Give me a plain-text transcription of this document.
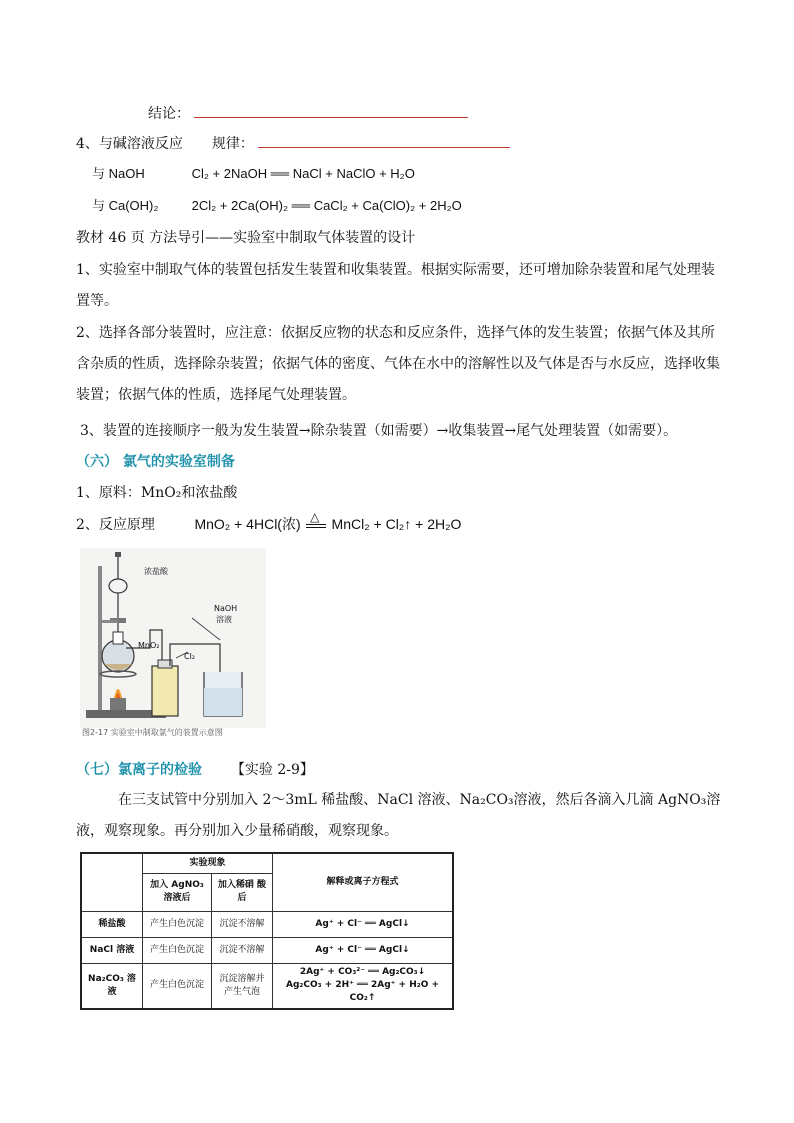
结论：
4、与碱溶液反应 规律：
与 NaOH	Cl₂ + 2NaOH ══ NaCl + NaClO + H₂O
与 Ca(OH)₂	2Cl₂ + 2Ca(OH)₂ ══ CaCl₂ + Ca(ClO)₂ + 2H₂O
教材 46 页 方法导引——实验室中制取气体装置的设计
1、实验室中制取气体的装置包括发生装置和收集装置。根据实际需要，还可增加除杂装置和尾气处理装置等。
2、选择各部分装置时，应注意：依据反应物的状态和反应条件，选择气体的发生装置；依据气体及其所含杂质的性质，选择除杂装置；依据气体的密度、气体在水中的溶解性以及气体是否与水反应，选择收集装置；依据气体的性质，选择尾气处理装置。
3、装置的连接顺序一般为发生装置→除杂装置（如需要）→收集装置→尾气处理装置（如需要）。
（六） 氯气的实验室制备
1、原料：MnO₂和浓盐酸
2、反应原理	MnO₂ + 4HCl(浓) △ MnCl₂ + Cl₂↑ + 2H₂O
浓盐酸
MnO₂
Cl₂
NaOH
溶液
图2-17 实验室中制取氯气的装置示意图
（七）氯离子的检验 【实验 2-9】
在三支试管中分别加入 2～3mL 稀盐酸、NaCl 溶液、Na₂CO₃溶液，然后各滴入几滴 AgNO₃溶液，观察现象。再分别加入少量稀硝酸，观察现象。
	实验现象		解释或离子方程式
	加入 AgNO₃ 溶液后	加入稀硝 酸后	
稀盐酸	产生白色沉淀	沉淀不溶解	Ag⁺ + Cl⁻ ══ AgCl↓
NaCl 溶液	产生白色沉淀	沉淀不溶解	Ag⁺ + Cl⁻ ══ AgCl↓
Na₂CO₃ 溶液	产生白色沉淀	沉淀溶解并 产生气泡	2Ag⁺ + CO₃²⁻ ══ Ag₂CO₃↓
Ag₂CO₃ + 2H⁺ ══ 2Ag⁺ + H₂O + CO₂↑
